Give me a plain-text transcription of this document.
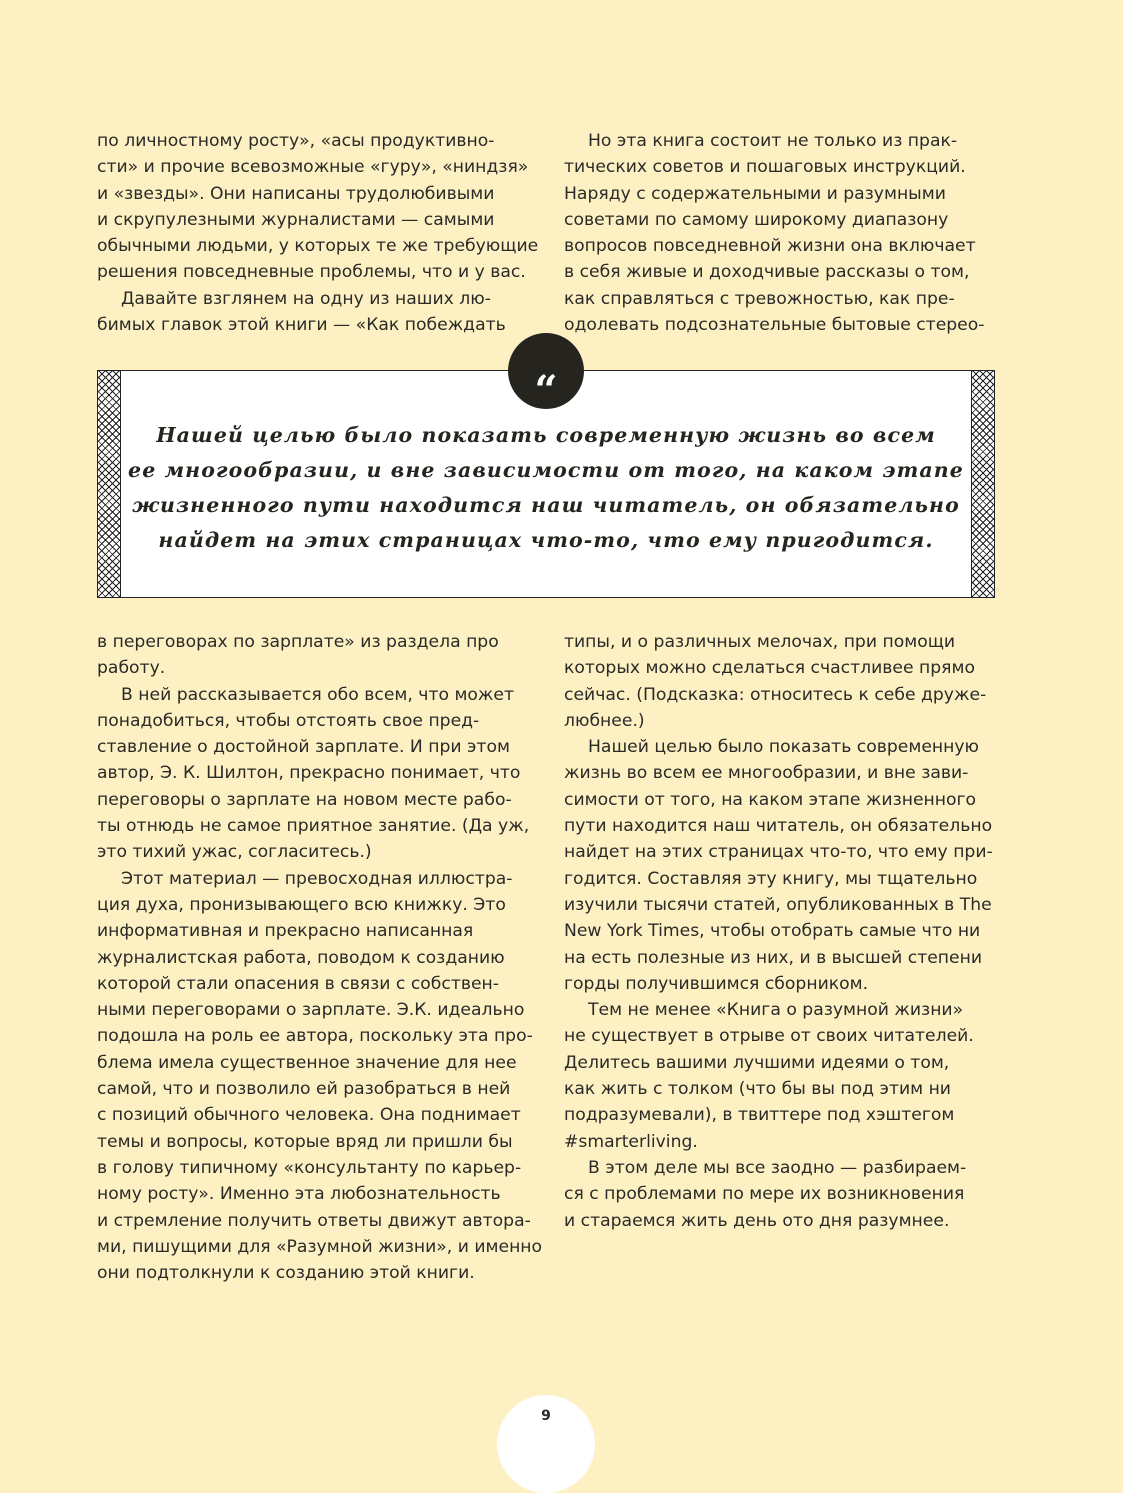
по личностному росту», «асы продуктивно-
сти» и прочие всевозможные «гуру», «ниндзя»
и «звезды». Они написаны трудолюбивыми
и скрупулезными журналистами — самыми
обычными людьми, у которых те же требующие
решения повседневные проблемы, что и у вас.
Давайте взглянем на одну из наших лю-
бимых главок этой книги — «Как побеждать
Но эта книга состоит не только из прак-
тических советов и пошаговых инструкций.
Наряду с содержательными и разумными
советами по самому широкому диапазону
вопросов повседневной жизни она включает
в себя живые и доходчивые рассказы о том,
как справляться с тревожностью, как пре-
одолевать подсознательные бытовые стерео-
“
Нашей целью было показать современную жизнь во всем
ее многообразии, и вне зависимости от того, на каком этапе
жизненного пути находится наш читатель, он обязательно
найдет на этих страницах что-то, что ему пригодится.
в переговорах по зарплате» из раздела про
работу.
В ней рассказывается обо всем, что может
понадобиться, чтобы отстоять свое пред-
ставление о достойной зарплате. И при этом
автор, Э. К. Шилтон, прекрасно понимает, что
переговоры о зарплате на новом месте рабо-
ты отнюдь не самое приятное занятие. (Да уж,
это тихий ужас, согласитесь.)
Этот материал — превосходная иллюстра-
ция духа, пронизывающего всю книжку. Это
информативная и прекрасно написанная
журналистская работа, поводом к созданию
которой стали опасения в связи с собствен-
ными переговорами о зарплате. Э.К. идеально
подошла на роль ее автора, поскольку эта про-
блема имела существенное значение для нее
самой, что и позволило ей разобраться в ней
с позиций обычного человека. Она поднимает
темы и вопросы, которые вряд ли пришли бы
в голову типичному «консультанту по карьер-
ному росту». Именно эта любознательность
и стремление получить ответы движут автора-
ми, пишущими для «Разумной жизни», и именно
они подтолкнули к созданию этой книги.
типы, и о различных мелочах, при помощи
которых можно сделаться счастливее прямо
сейчас. (Подсказка: относитесь к себе друже-
любнее.)
Нашей целью было показать современную
жизнь во всем ее многообразии, и вне зави-
симости от того, на каком этапе жизненного
пути находится наш читатель, он обязательно
найдет на этих страницах что-то, что ему при-
годится. Составляя эту книгу, мы тщательно
изучили тысячи статей, опубликованных в The
New York Times, чтобы отобрать самые что ни
на есть полезные из них, и в высшей степени
горды получившимся сборником.
Тем не менее «Книга о разумной жизни»
не существует в отрыве от своих читателей.
Делитесь вашими лучшими идеями о том,
как жить с толком (что бы вы под этим ни
подразумевали), в твиттере под хэштегом
#smarterliving.
В этом деле мы все заодно — разбираем-
ся с проблемами по мере их возникновения
и стараемся жить день ото дня разумнее.
9
